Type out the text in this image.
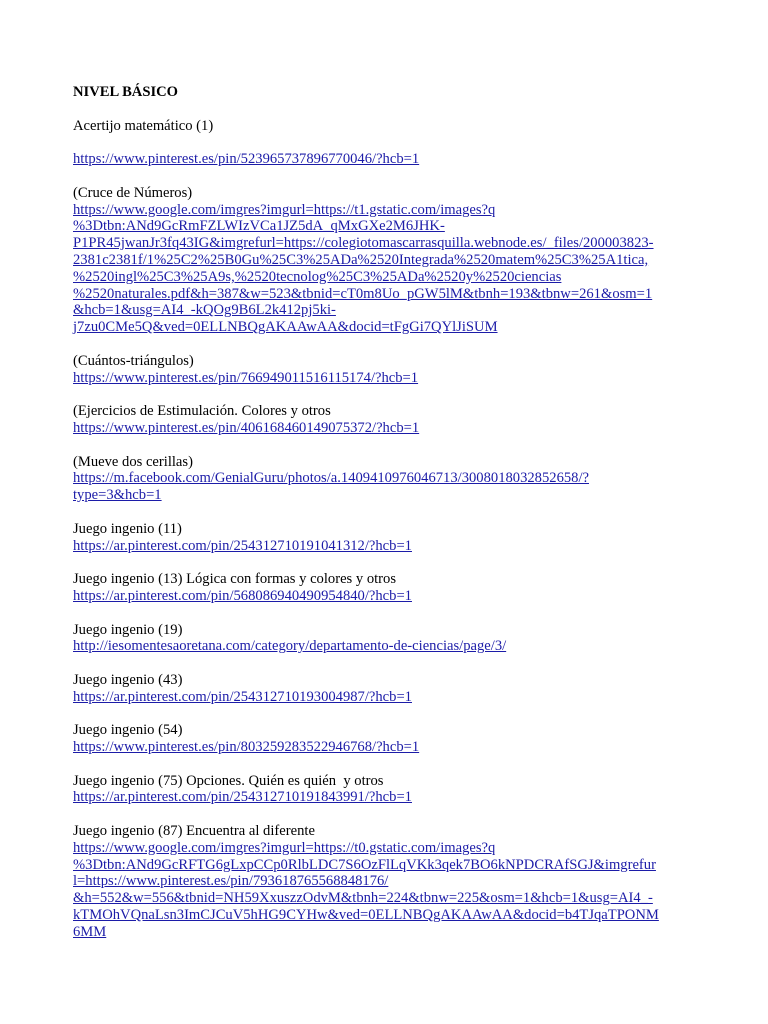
NIVEL BÁSICO

Acertijo matemático (1)

https://www.pinterest.es/pin/523965737896770046/?hcb=1

(Cruce de Números)

https://www.google.com/imgres?imgurl=https://t1.gstatic.com/images?q
%3Dtbn:ANd9GcRmFZLWIzVCa1JZ5dA_qMxGXe2M6JHK-
P1PR45jwanJr3fq43IG&imgrefurl=https://colegiotomascarrasquilla.webnode.es/_files/200003823-
2381c2381f/1%25C2%25B0Gu%25C3%25ADa%2520Integrada%2520matem%25C3%25A1tica,
%2520ingl%25C3%25A9s,%2520tecnolog%25C3%25ADa%2520y%2520ciencias
%2520naturales.pdf&h=387&w=523&tbnid=cT0m8Uo_pGW5lM&tbnh=193&tbnw=261&osm=1
&hcb=1&usg=AI4_-kQOg9B6L2k412pj5ki-
j7zu0CMe5Q&ved=0ELLNBQgAKAAwAA&docid=tFgGi7QYlJiSUM

(Cuántos-triángulos)

https://www.pinterest.es/pin/766949011516115174/?hcb=1

(Ejercicios de Estimulación. Colores y otros

https://www.pinterest.es/pin/406168460149075372/?hcb=1

(Mueve dos cerillas)

https://m.facebook.com/GenialGuru/photos/a.1409410976046713/3008018032852658/?
type=3&hcb=1

Juego ingenio (11)

https://ar.pinterest.com/pin/254312710191041312/?hcb=1

Juego ingenio (13) Lógica con formas y colores y otros

https://ar.pinterest.com/pin/568086940490954840/?hcb=1

Juego ingenio (19)

http://iesomentesaoretana.com/category/departamento-de-ciencias/page/3/

Juego ingenio (43)

https://ar.pinterest.com/pin/254312710193004987/?hcb=1

Juego ingenio (54)

https://www.pinterest.es/pin/803259283522946768/?hcb=1

Juego ingenio (75) Opciones. Quién es quién  y otros

https://ar.pinterest.com/pin/254312710191843991/?hcb=1

Juego ingenio (87) Encuentra al diferente

https://www.google.com/imgres?imgurl=https://t0.gstatic.com/images?q
%3Dtbn:ANd9GcRFTG6gLxpCCp0RlbLDC7S6OzFlLqVKk3qek7BO6kNPDCRAfSGJ&imgrefur
l=https://www.pinterest.es/pin/793618765568848176/
&h=552&w=556&tbnid=NH59XxuszzOdvM&tbnh=224&tbnw=225&osm=1&hcb=1&usg=AI4_-
kTMOhVQnaLsn3ImCJCuV5hHG9CYHw&ved=0ELLNBQgAKAAwAA&docid=b4TJqaTPONM
6MM
